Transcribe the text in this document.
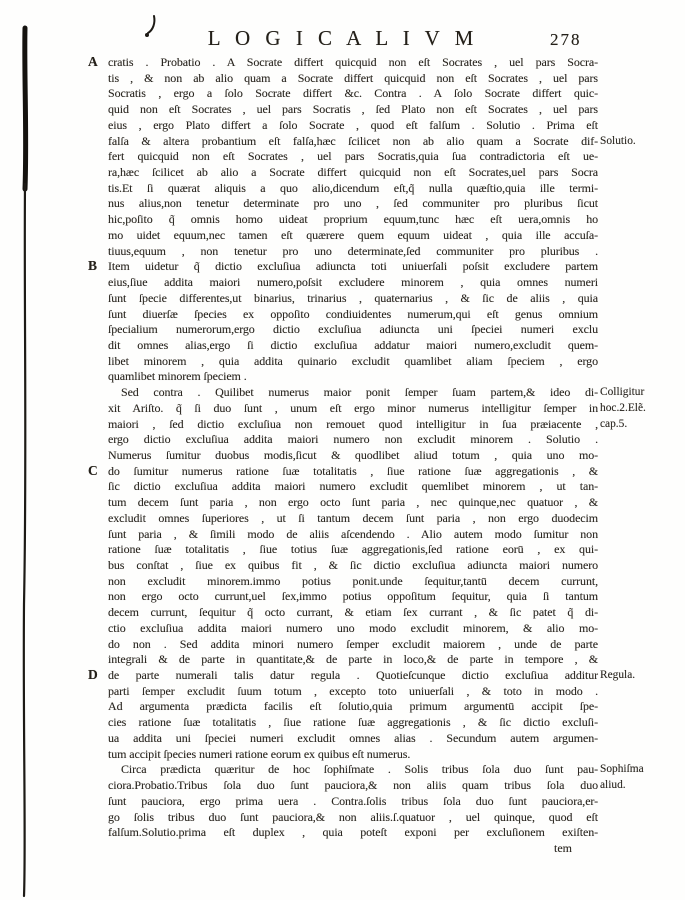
L O G I C A L I V M	278
cratis . Probatio . A Socrate differt quicquid non eſt Socrates , uel pars Socra-
tis , & non ab alio quam a Socrate differt quicquid non eſt Socrates , uel pars
Socratis , ergo a ſolo Socrate differt &c. Contra . A ſolo Socrate differt quic-
quid non eſt Socrates , uel pars Socratis , ſed Plato non eſt Socrates , uel pars
eius , ergo Plato differt a ſolo Socrate , quod eſt falſum . Solutio . Prima eſt
falſa & altera probantium eſt falſa,hæc ſcilicet non ab alio quam a Socrate dif-
fert quicquid non eſt Socrates , uel pars Socratis,quia ſua contradictoria eſt ue-
ra,hæc ſcilicet ab alio a Socrate differt quicquid non eſt Socrates,uel pars Socra
tis.Et ſi quærat aliquis a quo alio,dicendum eſt,q̃ nulla quæſtio,quia ille termi-
nus alius,non tenetur determinate pro uno , ſed communiter pro pluribus ſicut
hic,poſito q̃ omnis homo uideat proprium equum,tunc hæc eſt uera,omnis ho
mo uidet equum,nec tamen eſt quærere quem equum uideat , quia ille accuſa-
tiuus,equum , non tenetur pro uno determinate,ſed communiter pro pluribus .
Item uidetur q̃ dictio excluſiua adiuncta toti uniuerſali poſsit excludere partem
eius,ſiue addita maiori numero,poſsit excludere minorem , quia omnes numeri
ſunt ſpecie differentes,ut binarius, trinarius , quaternarius , & ſic de aliis , quia
ſunt diuerſæ ſpecies ex oppoſito condiuidentes numerum,qui eſt genus omnium
ſpecialium numerorum,ergo dictio excluſiua adiuncta uni ſpeciei numeri exclu
dit omnes alias,ergo ſi dictio excluſiua addatur maiori numero,excludit quem-
libet minorem , quia addita quinario excludit quamlibet aliam ſpeciem , ergo
quamlibet minorem ſpeciem .
Sed contra . Quilibet numerus maior ponit ſemper ſuam partem,& ideo di-
xit Ariſto. q̃ ſi duo ſunt , unum eſt ergo minor numerus intelligitur ſemper in
maiori , ſed dictio excluſiua non remouet quod intelligitur in ſua præiacente ,
ergo dictio excluſiua addita maiori numero non excludit minorem . Solutio .
Numerus ſumitur duobus modis,ſicut & quodlibet aliud totum , quia uno mo-
do ſumitur numerus ratione ſuæ totalitatis , ſiue ratione ſuæ aggregationis , &
ſic dictio excluſiua addita maiori numero excludit quemlibet minorem , ut tan-
tum decem ſunt paria , non ergo octo ſunt paria , nec quinque,nec quatuor , &
excludit omnes ſuperiores , ut ſi tantum decem ſunt paria , non ergo duodecim
ſunt paria , & ſimili modo de aliis aſcendendo . Alio autem modo ſumitur non
ratione ſuæ totalitatis , ſiue totius ſuæ aggregationis,ſed ratione eorū , ex qui-
bus conſtat , ſiue ex quibus fit , & ſic dictio excluſiua adiuncta maiori numero
non excludit minorem.immo potius ponit.unde ſequitur,tantū decem currunt,
non ergo octo currunt,uel ſex,immo potius oppoſitum ſequitur, quia ſi tantum
decem currunt, ſequitur q̃ octo currant, & etiam ſex currant , & ſic patet q̃ di-
ctio excluſiua addita maiori numero uno modo excludit minorem, & alio mo-
do non . Sed addita minori numero ſemper excludit maiorem , unde de parte
integrali & de parte in quantitate,& de parte in loco,& de parte in tempore , &
de parte numerali talis datur regula . Quotieſcunque dictio excluſiua additur
parti ſemper excludit ſuum totum , excepto toto uniuerſali , & toto in modo .
Ad argumenta prædicta facilis eſt ſolutio,quia primum argumentū accipit ſpe-
cies ratione ſuæ totalitatis , ſiue ratione ſuæ aggregationis , & ſic dictio excluſi-
ua addita uni ſpeciei numeri excludit omnes alias . Secundum autem argumen-
tum accipit ſpecies numeri ratione eorum ex quibus eſt numerus.
Circa prædicta quæritur de hoc ſophiſmate . Solis tribus ſola duo ſunt pau-
ciora.Probatio.Tribus ſola duo ſunt pauciora,& non aliis quam tribus ſola duo
ſunt pauciora, ergo prima uera . Contra.ſolis tribus ſola duo ſunt pauciora,er-
go ſolis tribus duo ſunt pauciora,& non aliis.ſ.quatuor , uel quinque, quod eſt
falſum.Solutio.prima eſt duplex , quia poteſt exponi per excluſionem exiſten-
A
B
C
D
Solutio.
Colligitur
hoc.2.Elẽ.
cap.5.
Regula.
Sophiſma
aliud.
tem
